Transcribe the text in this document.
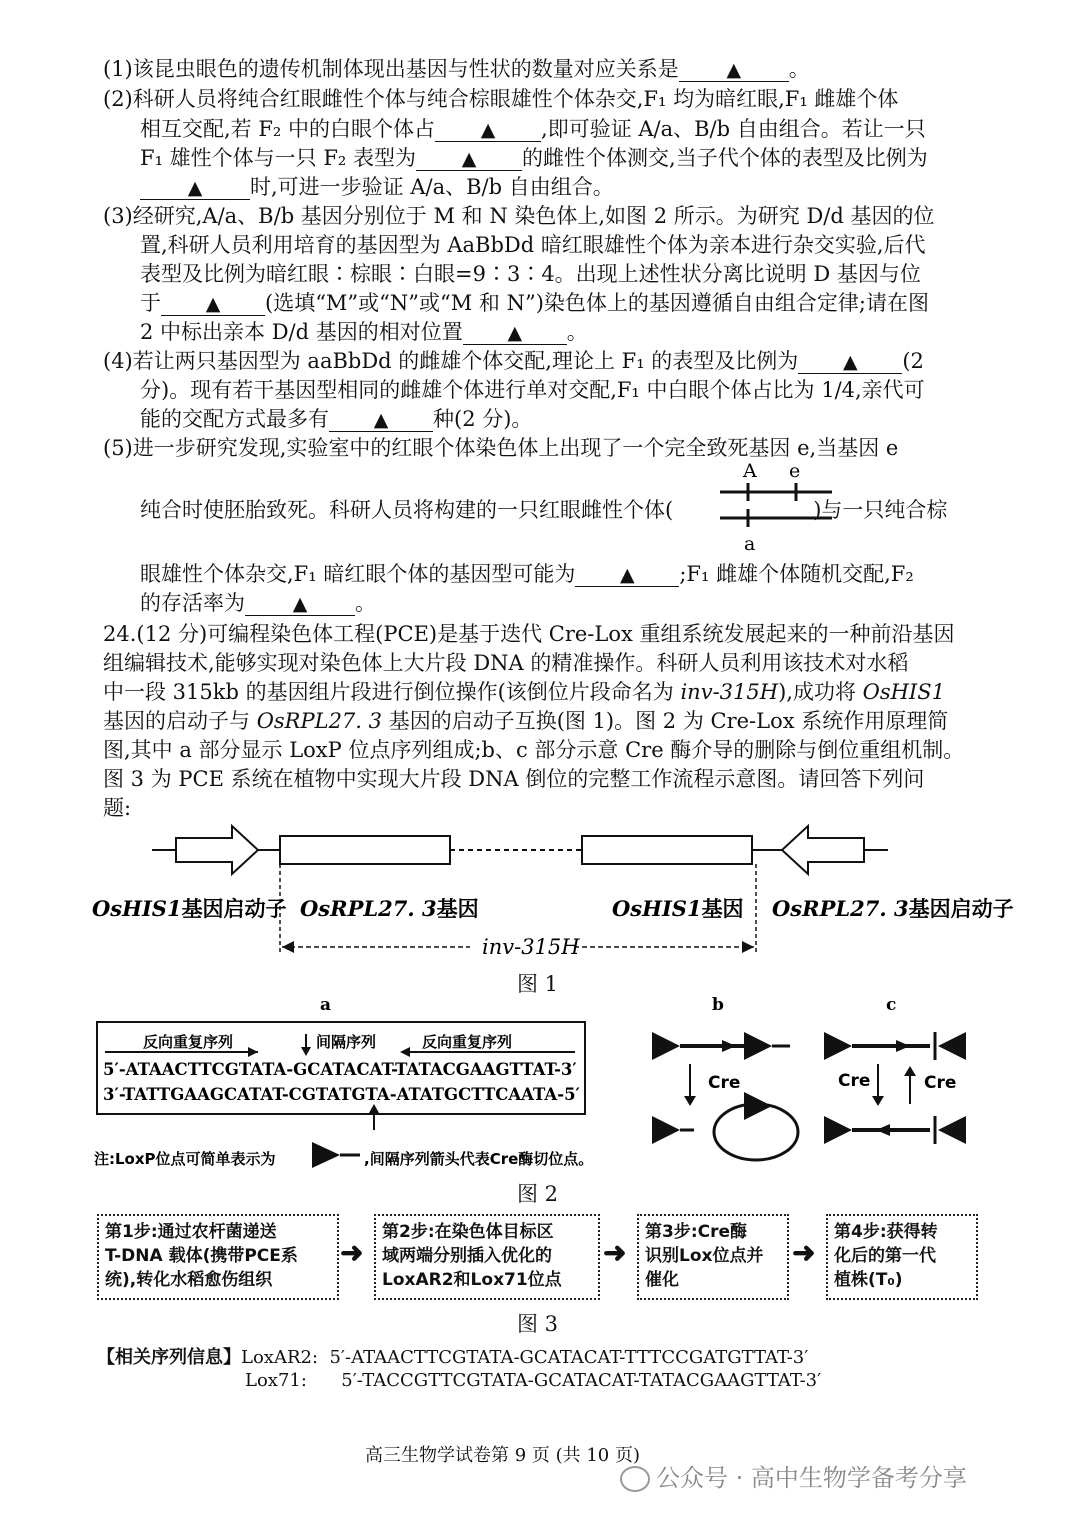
(1)该昆虫眼色的遗传机制体现出基因与性状的数量对应关系是	▲ 。
(2)科研人员将纯合红眼雌性个体与纯合棕眼雄性个体杂交,F₁ 均为暗红眼,F₁ 雌雄个体
相互交配,若 F₂ 中的白眼个体占 ▲ ,即可验证 A/a、B/b 自由组合。若让一只
F₁ 雄性个体与一只 F₂ 表型为 ▲ 的雌性个体测交,当子代个体的表型及比例为
▲ 时,可进一步验证 A/a、B/b 自由组合。
(3)经研究,A/a、B/b 基因分别位于 M 和 N 染色体上,如图 2 所示。为研究 D/d 基因的位
置,科研人员利用培育的基因型为 AaBbDd 暗红眼雄性个体为亲本进行杂交实验,后代
表型及比例为暗红眼∶棕眼∶白眼=9∶3∶4。出现上述性状分离比说明 D 基因与位
于 ▲ (选填“M”或“N”或“M 和 N”)染色体上的基因遵循自由组合定律;请在图
2 中标出亲本 D/d 基因的相对位置 ▲ 。
(4)若让两只基因型为 aaBbDd 的雌雄个体交配,理论上 F₁ 的表型及比例为 ▲ (2
分)。现有若干基因型相同的雌雄个体进行单对交配,F₁ 中白眼个体占比为 1/4,亲代可
能的交配方式最多有 ▲ 种(2 分)。
(5)进一步研究发现,实验室中的红眼个体染色体上出现了一个完全致死基因 e,当基因 e
A e
a
纯合时使胚胎致死。科研人员将构建的一只红眼雌性个体(	)与一只纯合棕
眼雄性个体杂交,F₁ 暗红眼个体的基因型可能为 ▲ ;F₁ 雌雄个体随机交配,F₂
的存活率为	▲ 。
24.(12 分)可编程染色体工程(PCE)是基于迭代 Cre-Lox 重组系统发展起来的一种前沿基因
组编辑技术,能够实现对染色体上大片段 DNA 的精准操作。科研人员利用该技术对水稻
中一段 315kb 的基因组片段进行倒位操作(该倒位片段命名为 inv-315H),成功将 OsHIS1
基因的启动子与 OsRPL27. 3 基因的启动子互换(图 1)。图 2 为 Cre-Lox 系统作用原理简
图,其中 a 部分显示 LoxP 位点序列组成;b、c 部分示意 Cre 酶介导的删除与倒位重组机制。
图 3 为 PCE 系统在植物中实现大片段 DNA 倒位的完整工作流程示意图。请回答下列问
题:
OsHIS1基因启动子 OsRPL27. 3基因	OsHIS1基因 OsRPL27. 3基因启动子
inv-315H
图 1
a	b	c
反向重复序列	间隔序列	反向重复序列
5′-ATAACTTCGTATA-GCATACAT-TATACGAAGTTAT-3′
3′-TATTGAAGCATAT-CGTATGTA-ATATGCTTCAATA-5′
注:LoxP位点可简单表示为	,间隔序列箭头代表Cre酶切位点。
Cre	Cre	Cre
图 2
第1步:通过农杆菌递送
T-DNA 载体(携带PCE系
统),转化水稻愈伤组织
➜
第2步:在染色体目标区
域两端分别插入优化的
LoxAR2和Lox71位点
➜
第3步:Cre酶
识别Lox位点并
催化
➜
第4步:获得转
化后的第一代
植株(T₀)
图 3
【相关序列信息】LoxAR2: 5′-ATAACTTCGTATA-GCATACAT-TTTCCGATGTTAT-3′
Lox71: 5′-TACCGTTCGTATA-GCATACAT-TATACGAAGTTAT-3′
高三生物学试卷第 9 页 (共 10 页)
公众号 · 高中生物学备考分享
